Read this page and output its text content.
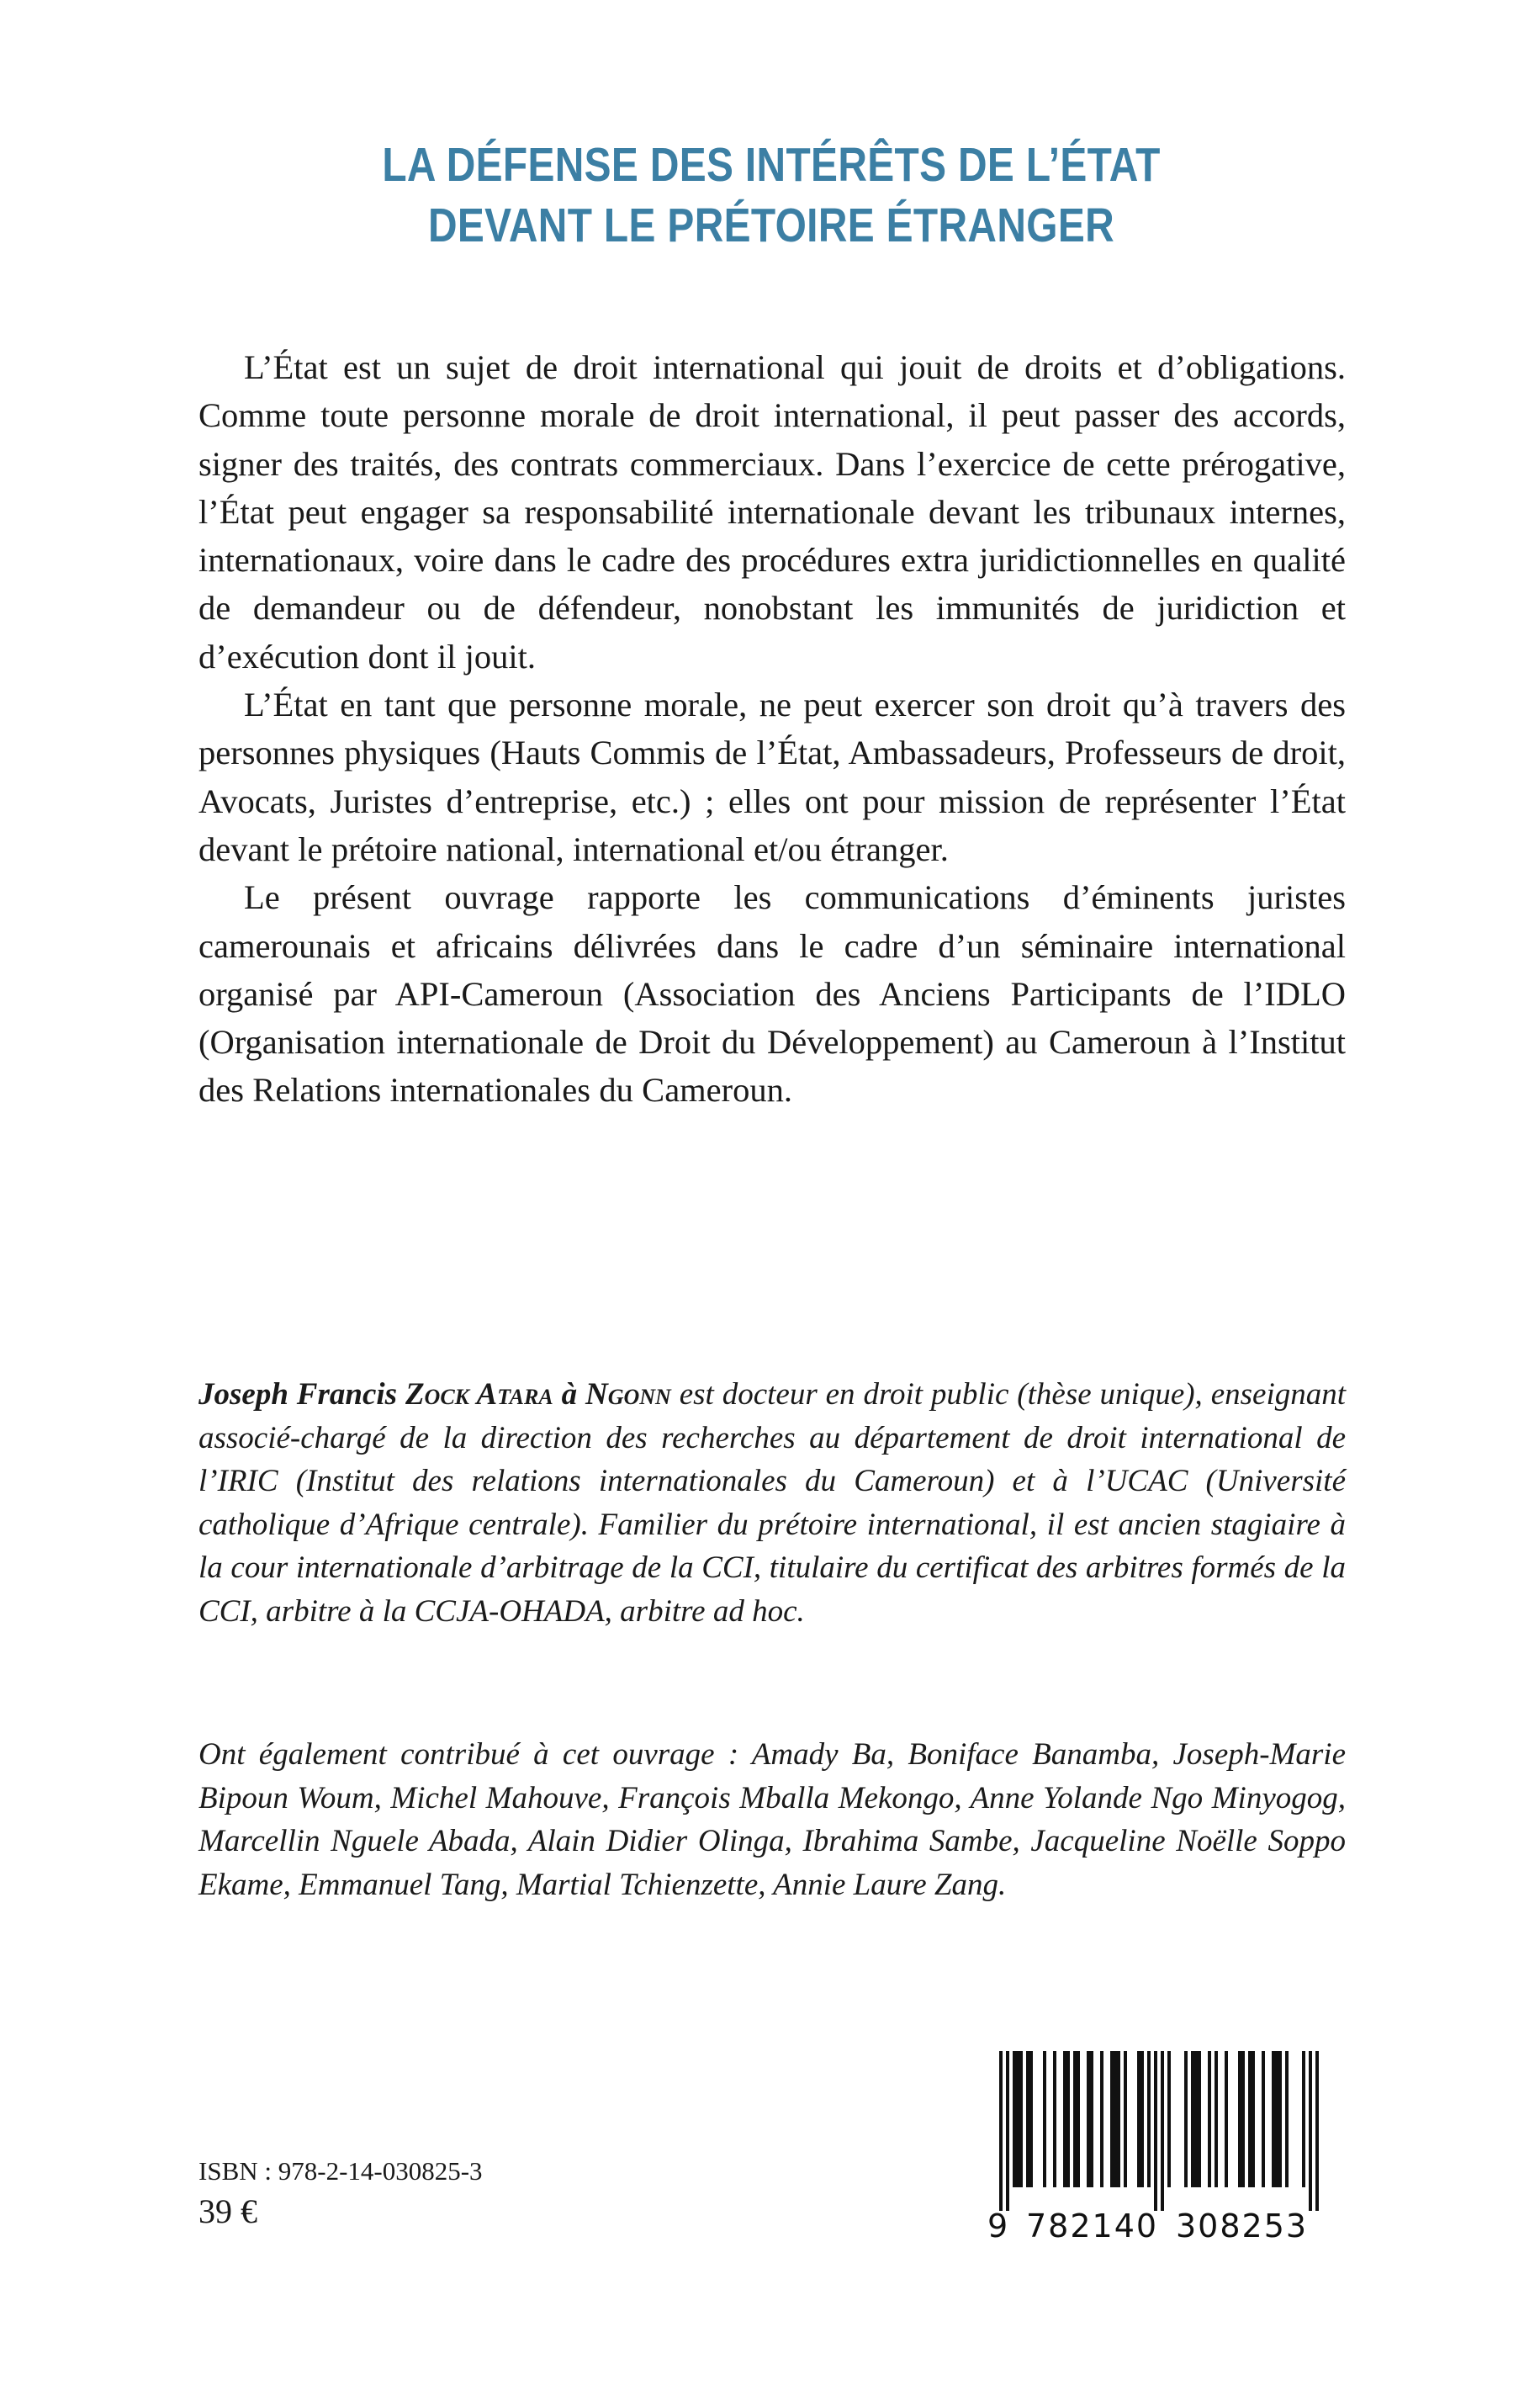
LA DÉFENSE DES INTÉRÊTS DE L’ÉTAT
DEVANT LE PRÉTOIRE ÉTRANGER

L’État est un sujet de droit international qui jouit de droits et d’obligations. Comme toute personne morale de droit international, il peut passer des accords, signer des traités, des contrats commerciaux. Dans l’exercice de cette prérogative, l’État peut engager sa responsabilité internationale devant les tribunaux internes, internationaux, voire dans le cadre des procédures extra juridictionnelles en qualité de demandeur ou de défendeur, nonobstant les immunités de juridiction et d’exécution dont il jouit.

L’État en tant que personne morale, ne peut exercer son droit qu’à travers des personnes physiques (Hauts Commis de l’État, Ambassadeurs, Professeurs de droit, Avocats, Juristes d’entreprise, etc.) ; elles ont pour mission de représenter l’État devant le prétoire national, international et/ou étranger.

Le présent ouvrage rapporte les communications d’éminents juristes camerounais et africains délivrées dans le cadre d’un séminaire international organisé par API-Cameroun (Association des Anciens Participants de l’IDLO (Organisation internationale de Droit du Développement) au Cameroun à l’Institut des Relations internationales du Cameroun.

Joseph Francis Zock Atara à Ngonn est docteur en droit public (thèse unique), enseignant associé-chargé de la direction des recherches au département de droit international de l’IRIC (Institut des relations internationales du Cameroun) et à l’UCAC (Université catholique d’Afrique centrale). Familier du prétoire international, il est ancien stagiaire à la cour internationale d’arbitrage de la CCI, titulaire du certificat des arbitres formés de la CCI, arbitre à la CCJA-OHADA, arbitre ad hoc.

Ont également contribué à cet ouvrage : Amady Ba, Boniface Banamba, Joseph-Marie Bipoun Woum, Michel Mahouve, François Mballa Mekongo, Anne Yolande Ngo Minyogog, Marcellin Nguele Abada, Alain Didier Olinga, Ibrahima Sambe, Jacqueline Noëlle Soppo Ekame, Emmanuel Tang, Martial Tchienzette, Annie Laure Zang.

ISBN : 978-2-14-030825-3
39 €	9 782140 308253
